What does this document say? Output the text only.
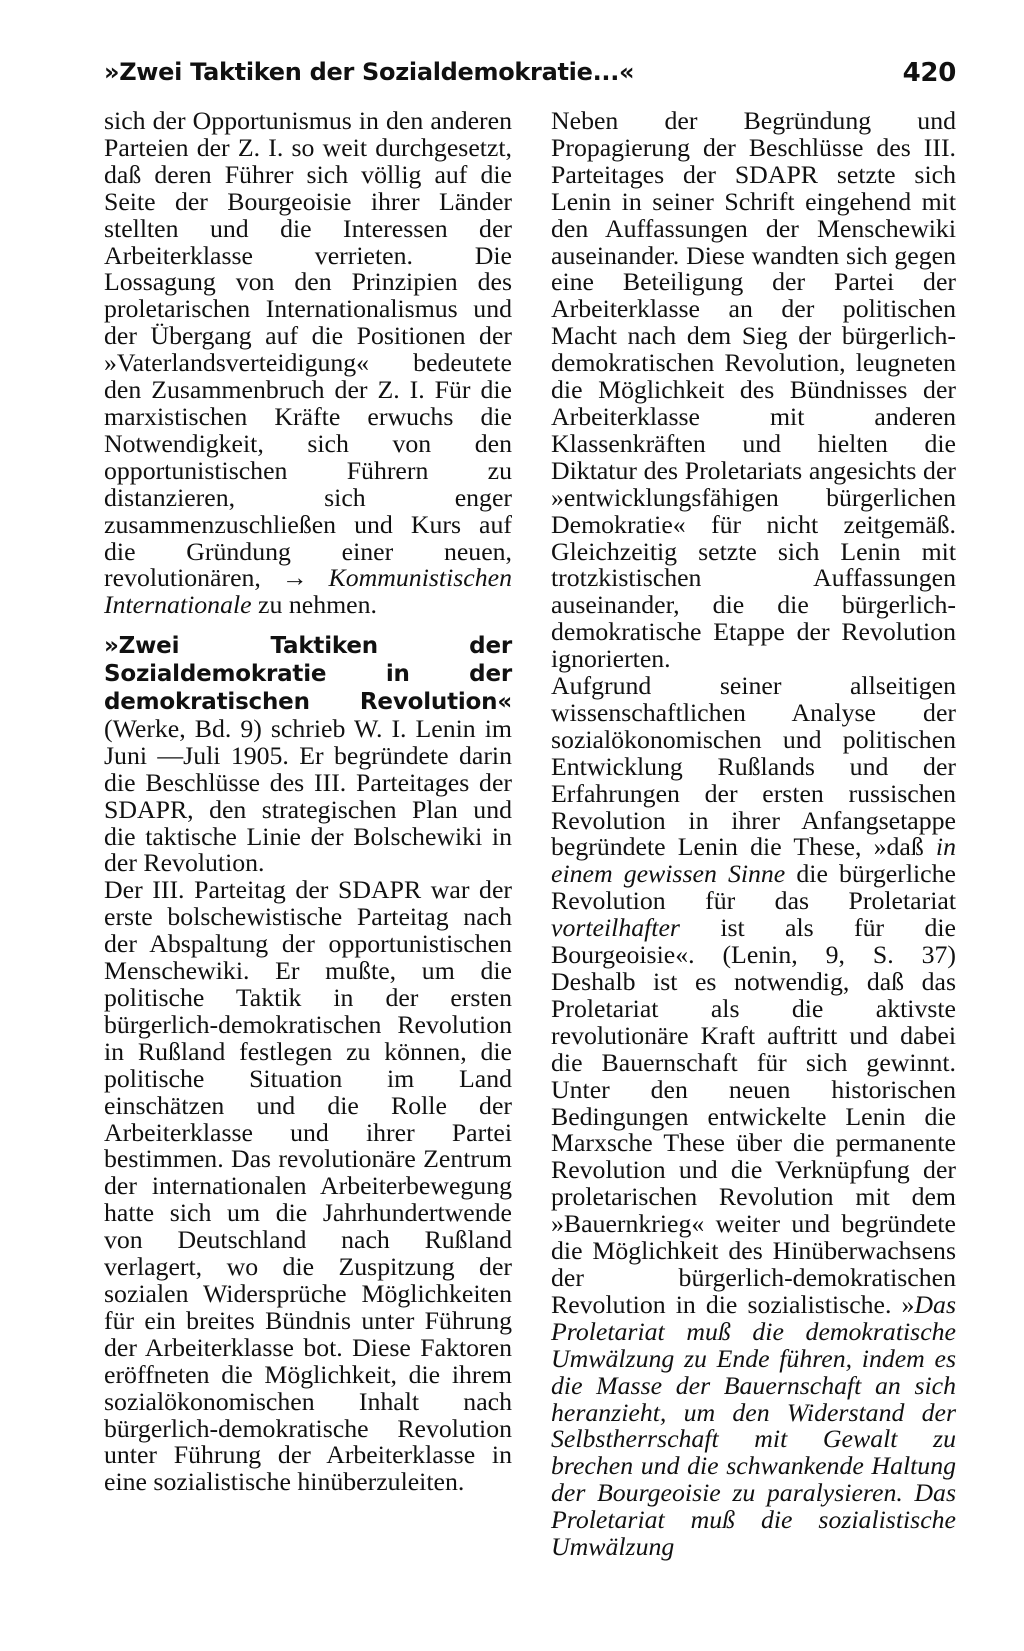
»Zwei Taktiken der Sozialdemokratie...«	420

sich der Opportunismus in den anderen Parteien der Z. I. so weit durchgesetzt, daß deren Führer sich völlig auf die Seite der Bourgeoisie ihrer Länder stellten und die Interessen der Arbeiterklasse verrieten. Die Lossagung von den Prinzipien des proletarischen Internationalismus und der Übergang auf die Positionen der »Vaterlandsverteidigung« bedeutete den Zusammenbruch der Z. I. Für die marxistischen Kräfte erwuchs die Notwendigkeit, sich von den opportunistischen Führern zu distanzieren, sich enger zusammenzuschließen und Kurs auf die Gründung einer neuen, revolutionären, → Kommunistischen Internationale zu nehmen.

»Zwei Taktiken der Sozialdemokratie in der demokratischen Revolution« (Werke, Bd. 9) schrieb W. I. Lenin im Juni —Juli 1905. Er begründete darin die Beschlüsse des III. Parteitages der SDAPR, den strategischen Plan und die taktische Linie der Bolschewiki in der Revolution.

Der III. Parteitag der SDAPR war der erste bolschewistische Parteitag nach der Abspaltung der opportunistischen Menschewiki. Er mußte, um die politische Taktik in der ersten bürgerlich-demokratischen Revolution in Rußland festlegen zu können, die politische Situation im Land einschätzen und die Rolle der Arbeiterklasse und ihrer Partei bestimmen. Das revolutionäre Zentrum der internationalen Arbeiterbewegung hatte sich um die Jahrhundertwende von Deutschland nach Rußland verlagert, wo die Zuspitzung der sozialen Widersprüche Möglichkeiten für ein breites Bündnis unter Führung der Arbeiterklasse bot. Diese Faktoren eröffneten die Möglichkeit, die ihrem sozialökonomischen Inhalt nach bürgerlich-demokratische Revolution unter Führung der Arbeiterklasse in eine sozialistische hinüberzuleiten.

Neben der Begründung und Propagierung der Beschlüsse des III. Parteitages der SDAPR setzte sich Lenin in seiner Schrift eingehend mit den Auffassungen der Menschewiki auseinander. Diese wandten sich gegen eine Beteiligung der Partei der Arbeiterklasse an der politischen Macht nach dem Sieg der bürgerlich-demokratischen Revolution, leugneten die Möglichkeit des Bündnisses der Arbeiterklasse mit anderen Klassenkräften und hielten die Diktatur des Proletariats angesichts der »entwicklungsfähigen bürgerlichen Demokratie« für nicht zeitgemäß. Gleichzeitig setzte sich Lenin mit trotzkistischen Auffassungen auseinander, die die bürgerlich-demokratische Etappe der Revolution ignorierten.

Aufgrund seiner allseitigen wissenschaftlichen Analyse der sozialökonomischen und politischen Entwicklung Rußlands und der Erfahrungen der ersten russischen Revolution in ihrer Anfangsetappe begründete Lenin die These, »daß in einem gewissen Sinne die bürgerliche Revolution für das Proletariat vorteilhafter ist als für die Bourgeoisie«. (Lenin, 9, S. 37) Deshalb ist es notwendig, daß das Proletariat als die aktivste revolutionäre Kraft auftritt und dabei die Bauernschaft für sich gewinnt. Unter den neuen historischen Bedingungen entwickelte Lenin die Marxsche These über die permanente Revolution und die Verknüpfung der proletarischen Revolution mit dem »Bauernkrieg« weiter und begründete die Möglichkeit des Hinüberwachsens der bürgerlich-demokratischen Revolution in die sozialistische. »Das Proletariat muß die demokratische Umwälzung zu Ende führen, indem es die Masse der Bauernschaft an sich heranzieht, um den Widerstand der Selbstherrschaft mit Gewalt zu brechen und die schwankende Haltung der Bourgeoisie zu paralysieren. Das Proletariat muß die sozialistische Umwälzung
